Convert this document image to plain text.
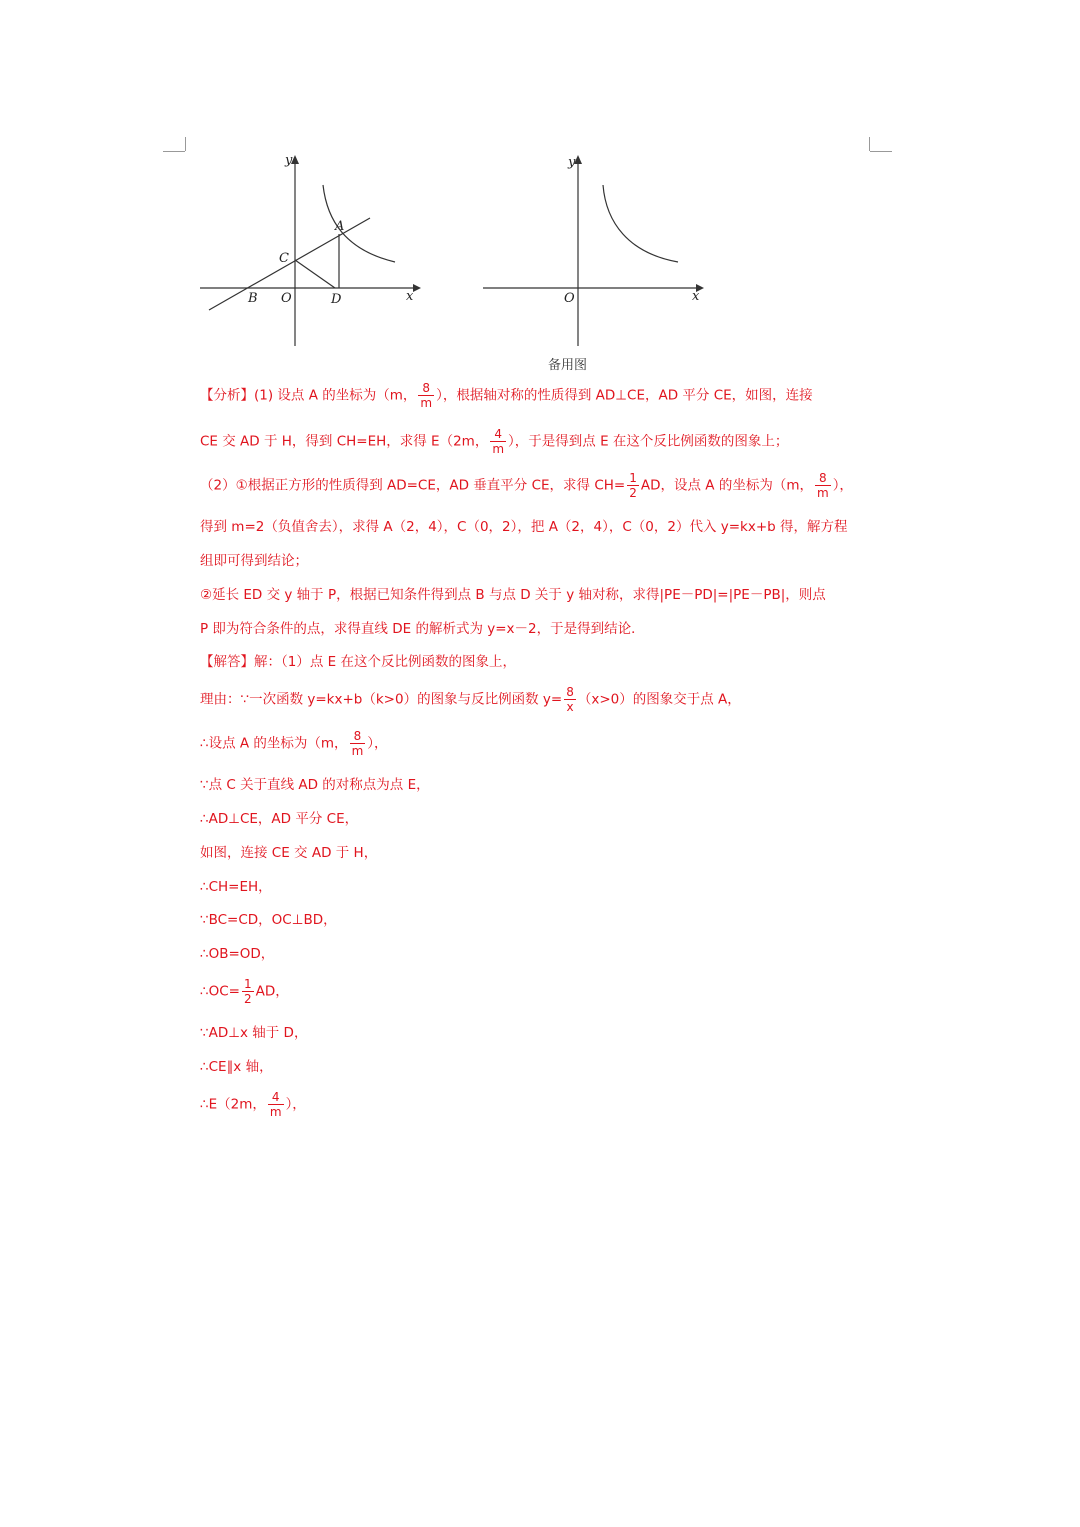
y
x
A
B
C
O	D
y
x
O
备用图
【分析】(1) 设点 A 的坐标为（m， $\frac{8}{m}$ ），根据轴对称的性质得到 AD⊥CE，AD 平分 CE，如图，连接
CE 交 AD 于 H，得到 CH=EH，求得 E（2m， $\frac{4}{m}$ ），于是得到点 E 在这个反比例函数的图象上；
（2）①根据正方形的性质得到 AD=CE，AD 垂直平分 CE，求得 $CH= \frac{1}{2}$ AD，设点 A 的坐标为（m， $\frac{8}{m}$ ），
得到 m=2（负值舍去），求得 A（2，4），C（0，2），把 A（2，4），C（0，2）代入 y=kx+b 得，解方程
组即可得到结论；
②延长 ED 交 y 轴于 P，根据已知条件得到点 B 与点 D 关于 y 轴对称，求得|PE－PD|=|PE－PB|，则点
P 即为符合条件的点，求得直线 DE 的解析式为 y=x－2，于是得到结论．
【解答】解：（1）点 E 在这个反比例函数的图象上，
理由：∵一次函数 y=kx+b（k>0）的图象与反比例函数 $y= \frac{8}{x} (x>0)$的图象交于点 A，
∴设点 A 的坐标为（m， $\frac{8}{m}$ ），
∵点 C 关于直线 AD 的对称点为点 E，
∴AD⊥CE，AD 平分 CE，
如图，连接 CE 交 AD 于 H，
∴CH=EH，
∵BC=CD，OC⊥BD，
∴OB=OD，
∴OC= $\frac{1}{2}$ AD，
∵AD⊥x 轴于 D，
∴CE∥x 轴，
∴E（2m， $\frac{4}{m}$ ），
